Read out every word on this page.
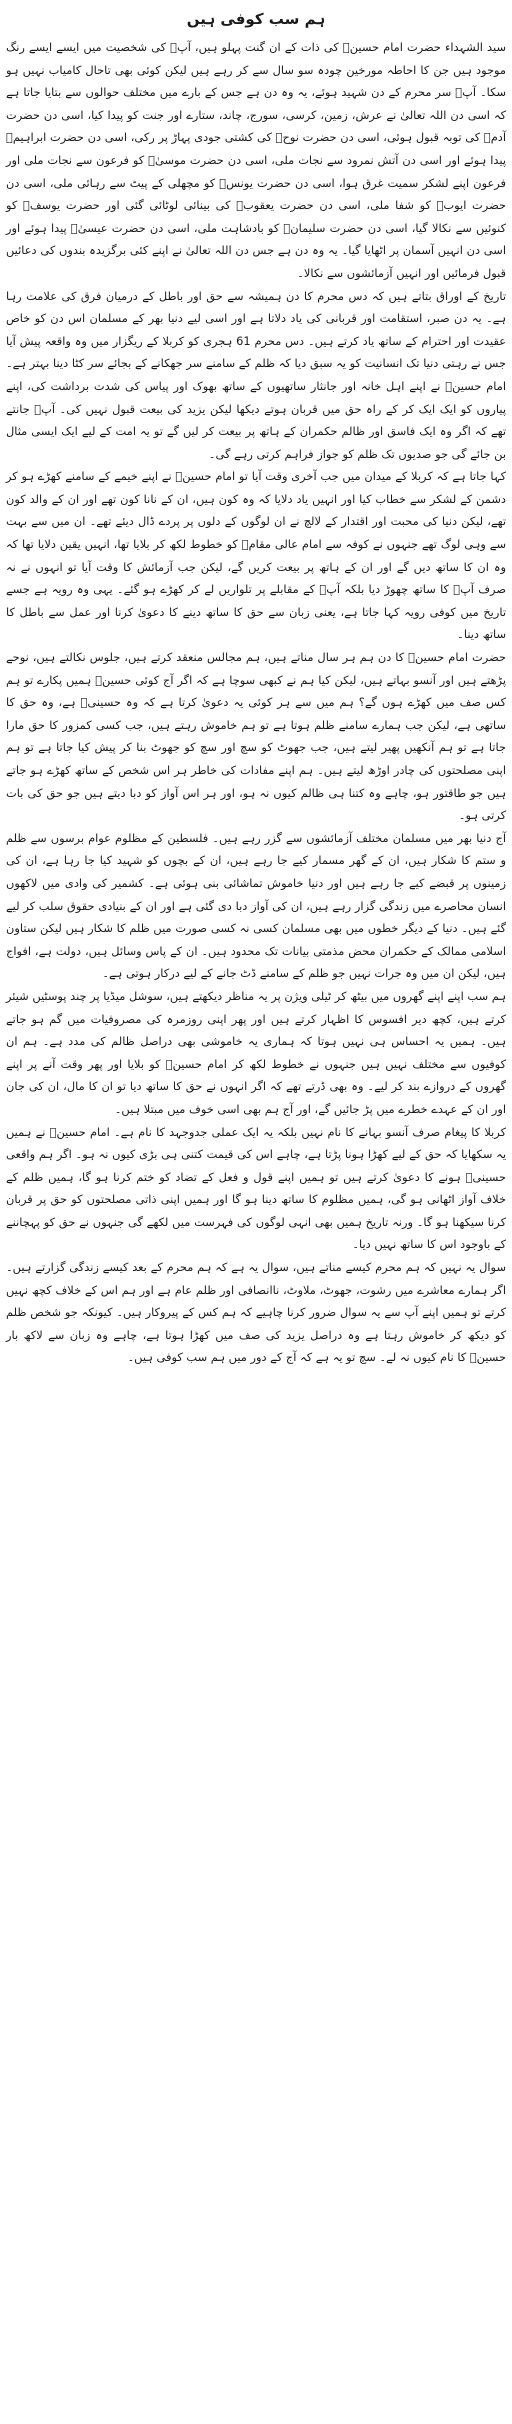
ہم سب کوفی ہیں

سید الشہداء حضرت امام حسینؓ کی ذات کے ان گنت پہلو ہیں، آپؓ کی شخصیت میں ایسے ایسے رنگ موجود ہیں جن کا احاطہ مورخین چودہ سو سال سے کر رہے ہیں لیکن کوئی بھی تاحال کامیاب نہیں ہو سکا۔ آپؓ سر محرم کے دن شہید ہوئے، یہ وہ دن ہے جس کے بارے میں مختلف حوالوں سے بتایا جاتا ہے کہ اسی دن اللہ تعالیٰ نے عرش، زمین، کرسی، سورج، چاند، ستارے اور جنت کو پیدا کیا، اسی دن حضرت آدمؑ کی توبہ قبول ہوئی، اسی دن حضرت نوحؑ کی کشتی جودی پہاڑ پر رکی، اسی دن حضرت ابراہیمؑ پیدا ہوئے اور اسی دن آتش نمرود سے نجات ملی، اسی دن حضرت موسیٰؑ کو فرعون سے نجات ملی اور فرعون اپنے لشکر سمیت غرق ہوا، اسی دن حضرت یونسؑ کو مچھلی کے پیٹ سے رہائی ملی، اسی دن حضرت ایوبؑ کو شفا ملی، اسی دن حضرت یعقوبؑ کی بینائی لوٹائی گئی اور حضرت یوسفؑ کو کنوئیں سے نکالا گیا، اسی دن حضرت سلیمانؑ کو بادشاہت ملی، اسی دن حضرت عیسیٰؑ پیدا ہوئے اور اسی دن انہیں آسمان پر اٹھایا گیا۔ یہ وہ دن ہے جس دن اللہ تعالیٰ نے اپنے کئی برگزیدہ بندوں کی دعائیں قبول فرمائیں اور انہیں آزمائشوں سے نکالا۔

تاریخ کے اوراق بتاتے ہیں کہ دس محرم کا دن ہمیشہ سے حق اور باطل کے درمیان فرق کی علامت رہا ہے۔ یہ دن صبر، استقامت اور قربانی کی یاد دلاتا ہے اور اسی لیے دنیا بھر کے مسلمان اس دن کو خاص عقیدت اور احترام کے ساتھ یاد کرتے ہیں۔ دس محرم 61 ہجری کو کربلا کے ریگزار میں وہ واقعہ پیش آیا جس نے رہتی دنیا تک انسانیت کو یہ سبق دیا کہ ظلم کے سامنے سر جھکانے کے بجائے سر کٹا دینا بہتر ہے۔ امام حسینؓ نے اپنے اہل خانہ اور جانثار ساتھیوں کے ساتھ بھوک اور پیاس کی شدت برداشت کی، اپنے پیاروں کو ایک ایک کر کے راہ حق میں قربان ہوتے دیکھا لیکن یزید کی بیعت قبول نہیں کی۔ آپؓ جانتے تھے کہ اگر وہ ایک فاسق اور ظالم حکمران کے ہاتھ پر بیعت کر لیں گے تو یہ امت کے لیے ایک ایسی مثال بن جائے گی جو صدیوں تک ظلم کو جواز فراہم کرتی رہے گی۔

کہا جاتا ہے کہ کربلا کے میدان میں جب آخری وقت آیا تو امام حسینؓ نے اپنے خیمے کے سامنے کھڑے ہو کر دشمن کے لشکر سے خطاب کیا اور انہیں یاد دلایا کہ وہ کون ہیں، ان کے نانا کون تھے اور ان کے والد کون تھے، لیکن دنیا کی محبت اور اقتدار کے لالچ نے ان لوگوں کے دلوں پر پردے ڈال دیئے تھے۔ ان میں سے بہت سے وہی لوگ تھے جنہوں نے کوفہ سے امام عالی مقامؓ کو خطوط لکھ کر بلایا تھا، انہیں یقین دلایا تھا کہ وہ ان کا ساتھ دیں گے اور ان کے ہاتھ پر بیعت کریں گے، لیکن جب آزمائش کا وقت آیا تو انہوں نے نہ صرف آپؓ کا ساتھ چھوڑ دیا بلکہ آپؓ کے مقابلے پر تلواریں لے کر کھڑے ہو گئے۔ یہی وہ رویہ ہے جسے تاریخ میں کوفی رویہ کہا جاتا ہے، یعنی زبان سے حق کا ساتھ دینے کا دعویٰ کرنا اور عمل سے باطل کا ساتھ دینا۔

حضرت امام حسینؓ کا دن ہم ہر سال مناتے ہیں، ہم مجالس منعقد کرتے ہیں، جلوس نکالتے ہیں، نوحے پڑھتے ہیں اور آنسو بہاتے ہیں، لیکن کیا ہم نے کبھی سوچا ہے کہ اگر آج کوئی حسینؓ ہمیں پکارے تو ہم کس صف میں کھڑے ہوں گے؟ ہم میں سے ہر کوئی یہ دعویٰ کرتا ہے کہ وہ حسینیؓ ہے، وہ حق کا ساتھی ہے، لیکن جب ہمارے سامنے ظلم ہوتا ہے تو ہم خاموش رہتے ہیں، جب کسی کمزور کا حق مارا جاتا ہے تو ہم آنکھیں پھیر لیتے ہیں، جب جھوٹ کو سچ اور سچ کو جھوٹ بنا کر پیش کیا جاتا ہے تو ہم اپنی مصلحتوں کی چادر اوڑھ لیتے ہیں۔ ہم اپنے مفادات کی خاطر ہر اس شخص کے ساتھ کھڑے ہو جاتے ہیں جو طاقتور ہو، چاہے وہ کتنا ہی ظالم کیوں نہ ہو، اور ہر اس آواز کو دبا دیتے ہیں جو حق کی بات کرتی ہو۔

آج دنیا بھر میں مسلمان مختلف آزمائشوں سے گزر رہے ہیں۔ فلسطین کے مظلوم عوام برسوں سے ظلم و ستم کا شکار ہیں، ان کے گھر مسمار کیے جا رہے ہیں، ان کے بچوں کو شہید کیا جا رہا ہے، ان کی زمینوں پر قبضے کیے جا رہے ہیں اور دنیا خاموش تماشائی بنی ہوئی ہے۔ کشمیر کی وادی میں لاکھوں انسان محاصرے میں زندگی گزار رہے ہیں، ان کی آواز دبا دی گئی ہے اور ان کے بنیادی حقوق سلب کر لیے گئے ہیں۔ دنیا کے دیگر خطوں میں بھی مسلمان کسی نہ کسی صورت میں ظلم کا شکار ہیں لیکن ستاون اسلامی ممالک کے حکمران محض مذمتی بیانات تک محدود ہیں۔ ان کے پاس وسائل ہیں، دولت ہے، افواج ہیں، لیکن ان میں وہ جرات نہیں جو ظلم کے سامنے ڈٹ جانے کے لیے درکار ہوتی ہے۔

ہم سب اپنے اپنے گھروں میں بیٹھ کر ٹیلی ویژن پر یہ مناظر دیکھتے ہیں، سوشل میڈیا پر چند پوسٹیں شیئر کرتے ہیں، کچھ دیر افسوس کا اظہار کرتے ہیں اور پھر اپنی روزمرہ کی مصروفیات میں گم ہو جاتے ہیں۔ ہمیں یہ احساس ہی نہیں ہوتا کہ ہماری یہ خاموشی بھی دراصل ظالم کی مدد ہے۔ ہم ان کوفیوں سے مختلف نہیں ہیں جنہوں نے خطوط لکھ کر امام حسینؓ کو بلایا اور پھر وقت آنے پر اپنے گھروں کے دروازے بند کر لیے۔ وہ بھی ڈرتے تھے کہ اگر انہوں نے حق کا ساتھ دیا تو ان کا مال، ان کی جان اور ان کے عہدے خطرے میں پڑ جائیں گے، اور آج ہم بھی اسی خوف میں مبتلا ہیں۔

کربلا کا پیغام صرف آنسو بہانے کا نام نہیں بلکہ یہ ایک عملی جدوجہد کا نام ہے۔ امام حسینؓ نے ہمیں یہ سکھایا کہ حق کے لیے کھڑا ہونا پڑتا ہے، چاہے اس کی قیمت کتنی ہی بڑی کیوں نہ ہو۔ اگر ہم واقعی حسینیؓ ہونے کا دعویٰ کرتے ہیں تو ہمیں اپنے قول و فعل کے تضاد کو ختم کرنا ہو گا، ہمیں ظلم کے خلاف آواز اٹھانی ہو گی، ہمیں مظلوم کا ساتھ دینا ہو گا اور ہمیں اپنی ذاتی مصلحتوں کو حق پر قربان کرنا سیکھنا ہو گا۔ ورنہ تاریخ ہمیں بھی انہی لوگوں کی فہرست میں لکھے گی جنہوں نے حق کو پہچاننے کے باوجود اس کا ساتھ نہیں دیا۔

سوال یہ نہیں کہ ہم محرم کیسے مناتے ہیں، سوال یہ ہے کہ ہم محرم کے بعد کیسے زندگی گزارتے ہیں۔ اگر ہمارے معاشرے میں رشوت، جھوٹ، ملاوٹ، ناانصافی اور ظلم عام ہے اور ہم اس کے خلاف کچھ نہیں کرتے تو ہمیں اپنے آپ سے یہ سوال ضرور کرنا چاہیے کہ ہم کس کے پیروکار ہیں۔ کیونکہ جو شخص ظلم کو دیکھ کر خاموش رہتا ہے وہ دراصل یزید کی صف میں کھڑا ہوتا ہے، چاہے وہ زبان سے لاکھ بار حسینؓ کا نام کیوں نہ لے۔ سچ تو یہ ہے کہ آج کے دور میں ہم سب کوفی ہیں۔
